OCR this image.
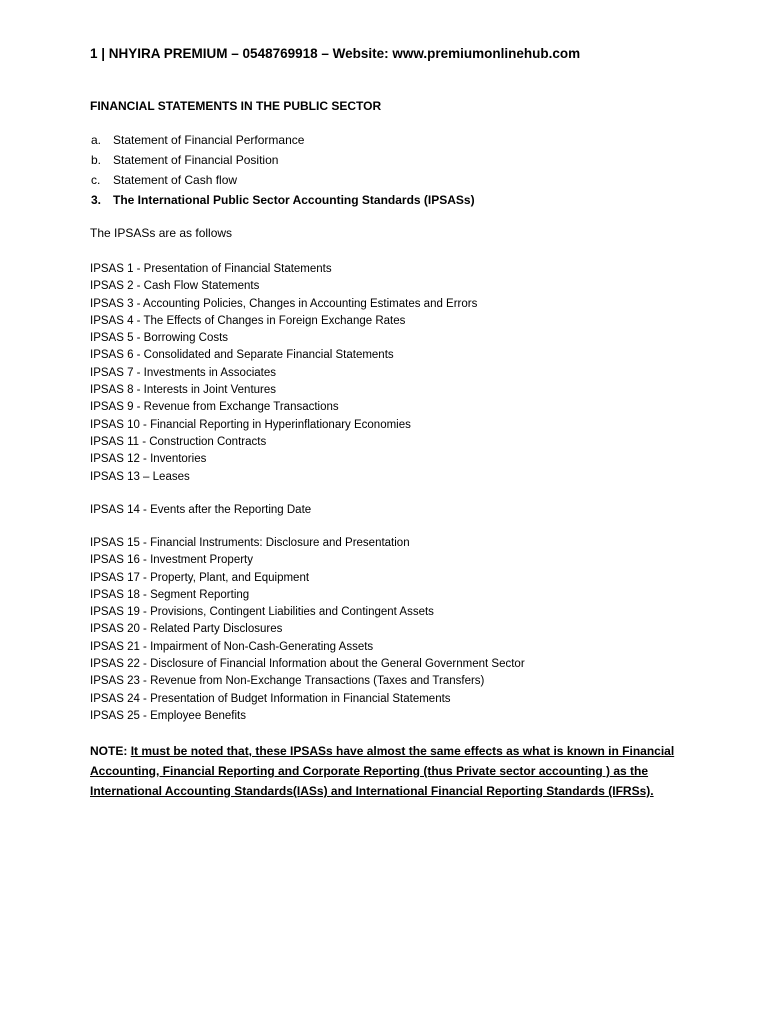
1 | NHYIRA PREMIUM – 0548769918 – Website: www.premiumonlinehub.com
FINANCIAL STATEMENTS IN THE PUBLIC SECTOR
a. Statement of Financial Performance
b. Statement of Financial Position
c. Statement of Cash flow
3. The International Public Sector Accounting Standards (IPSASs)
The IPSASs are as follows
IPSAS 1 - Presentation of Financial Statements
IPSAS 2 - Cash Flow Statements
IPSAS 3 - Accounting Policies, Changes in Accounting Estimates and Errors
IPSAS 4 - The Effects of Changes in Foreign Exchange Rates
IPSAS 5 - Borrowing Costs
IPSAS 6 - Consolidated and Separate Financial Statements
IPSAS 7 - Investments in Associates
IPSAS 8 - Interests in Joint Ventures
IPSAS 9 - Revenue from Exchange Transactions
IPSAS 10 - Financial Reporting in Hyperinflationary Economies
IPSAS 11 - Construction Contracts
IPSAS 12 - Inventories
IPSAS 13 – Leases
IPSAS 14 - Events after the Reporting Date
IPSAS 15 - Financial Instruments: Disclosure and Presentation
IPSAS 16 - Investment Property
IPSAS 17 - Property, Plant, and Equipment
IPSAS 18 - Segment Reporting
IPSAS 19 - Provisions, Contingent Liabilities and Contingent Assets
IPSAS 20 - Related Party Disclosures
IPSAS 21 - Impairment of Non-Cash-Generating Assets
IPSAS 22 - Disclosure of Financial Information about the General Government Sector
IPSAS 23 - Revenue from Non-Exchange Transactions (Taxes and Transfers)
IPSAS 24 - Presentation of Budget Information in Financial Statements
IPSAS 25 - Employee Benefits
NOTE: It must be noted that, these IPSASs have almost the same effects as what is known in Financial Accounting, Financial Reporting and Corporate Reporting (thus Private sector accounting ) as the International Accounting Standards(IASs) and International Financial Reporting Standards (IFRSs).
